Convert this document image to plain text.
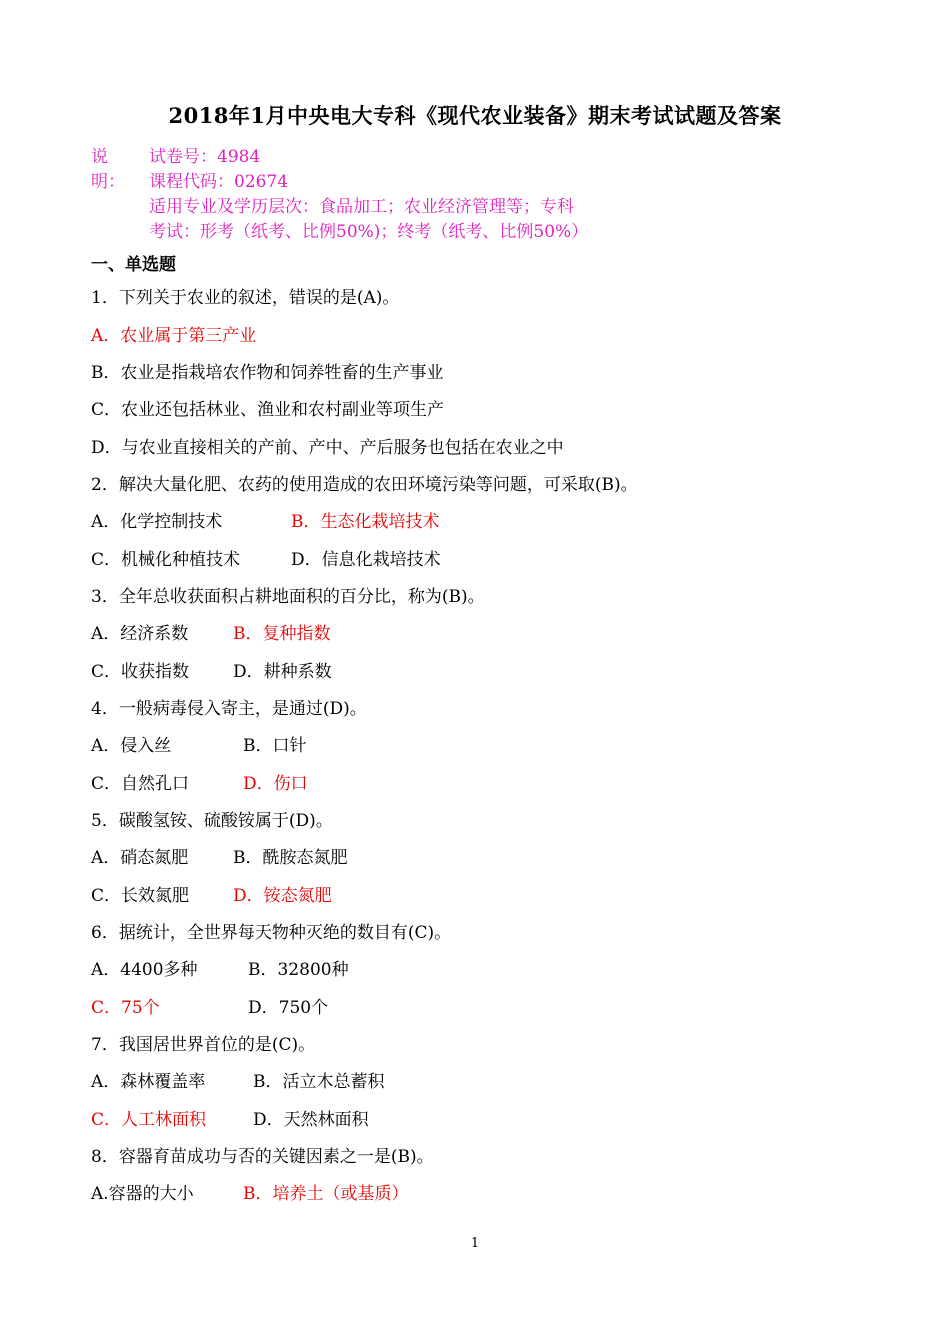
2018年1月中央电大专科《现代农业装备》期末考试试题及答案
说明：
试卷号：4984
课程代码：02674
适用专业及学历层次：食品加工；农业经济管理等；专科
考试：形考（纸考、比例50%)；终考（纸考、比例50%）
一、单选题
1．下列关于农业的叙述，错误的是(A)。
A．农业属于第三产业
B．农业是指栽培农作物和饲养牲畜的生产事业
C．农业还包括林业、渔业和农村副业等项生产
D．与农业直接相关的产前、产中、产后服务也包括在农业之中
2．解决大量化肥、农药的使用造成的农田环境污染等问题，可采取(B)。
A．化学控制技术	B．生态化栽培技术
C．机械化种植技术	D．信息化栽培技术
3．全年总收获面积占耕地面积的百分比，称为(B)。
A．经济系数	B．复种指数
C．收获指数	D．耕种系数
4．一般病毒侵入寄主，是通过(D)。
A．侵入丝	B．口针
C．自然孔口	D．伤口
5．碳酸氢铵、硫酸铵属于(D)。
A．硝态氮肥	B．酰胺态氮肥
C．长效氮肥	D．铵态氮肥
6．据统计，全世界每天物种灭绝的数目有(C)。
A．4400多种	B．32800种
C．75个	D．750个
7．我国居世界首位的是(C)。
A．森林覆盖率	B．活立木总蓄积
C．人工林面积	D．天然林面积
8．容器育苗成功与否的关键因素之一是(B)。
A.容器的大小	B．培养土（或基质）
1
